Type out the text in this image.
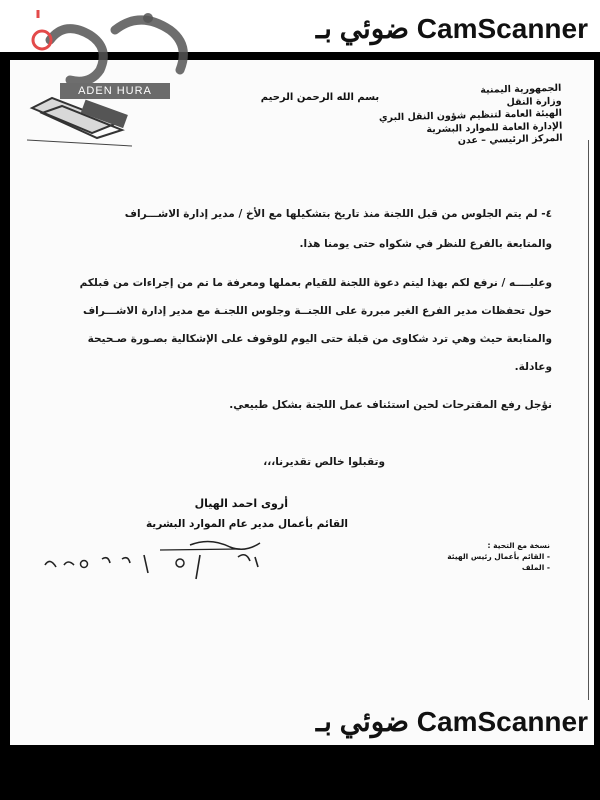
ضوئي بـ CamScanner
ADEN HURA
بسم الله الرحمن الرحيم
الجمهورية اليمنية
وزارة النقل
الهيئة العامة لتنظيم شؤون النقل البري
الإدارة العامة للموارد البشرية
المركز الرئيسي – عدن
٤- لم يتم الجلوس من قبل اللجنة منذ تاريخ بتشكيلها مع الأخ / مدير إدارة الاشـــراف
والمتابعة بالفرع للنظر في شكواه حتى يومنا هذا.
وعليــــه / نرفع لكم بهذا ليتم دعوة اللجنة للقيام بعملها ومعرفة ما تم من إجراءات من قبلكم
حول تحفظات مدير الفرع الغير مبررة على اللجنــة وجلوس اللجنـة مع مدير إدارة الاشـــراف
والمتابعة حيث وهي ترد شكاوى من قبلة حتى اليوم للوقوف على الإشكالية بصـورة صـحيحة
وعادلة.
نؤجل رفع المقترحات لحين استئناف عمل اللجنة بشكل طبيعي.
وتقبلوا خالص تقديرنا،،،
أروى احمد الهيال
القائم بأعمال مدير عام الموارد البشرية
نسخة مع التحية :
- القائم بأعمال رئيس الهيئة
- الملف
ضوئي بـ CamScanner
